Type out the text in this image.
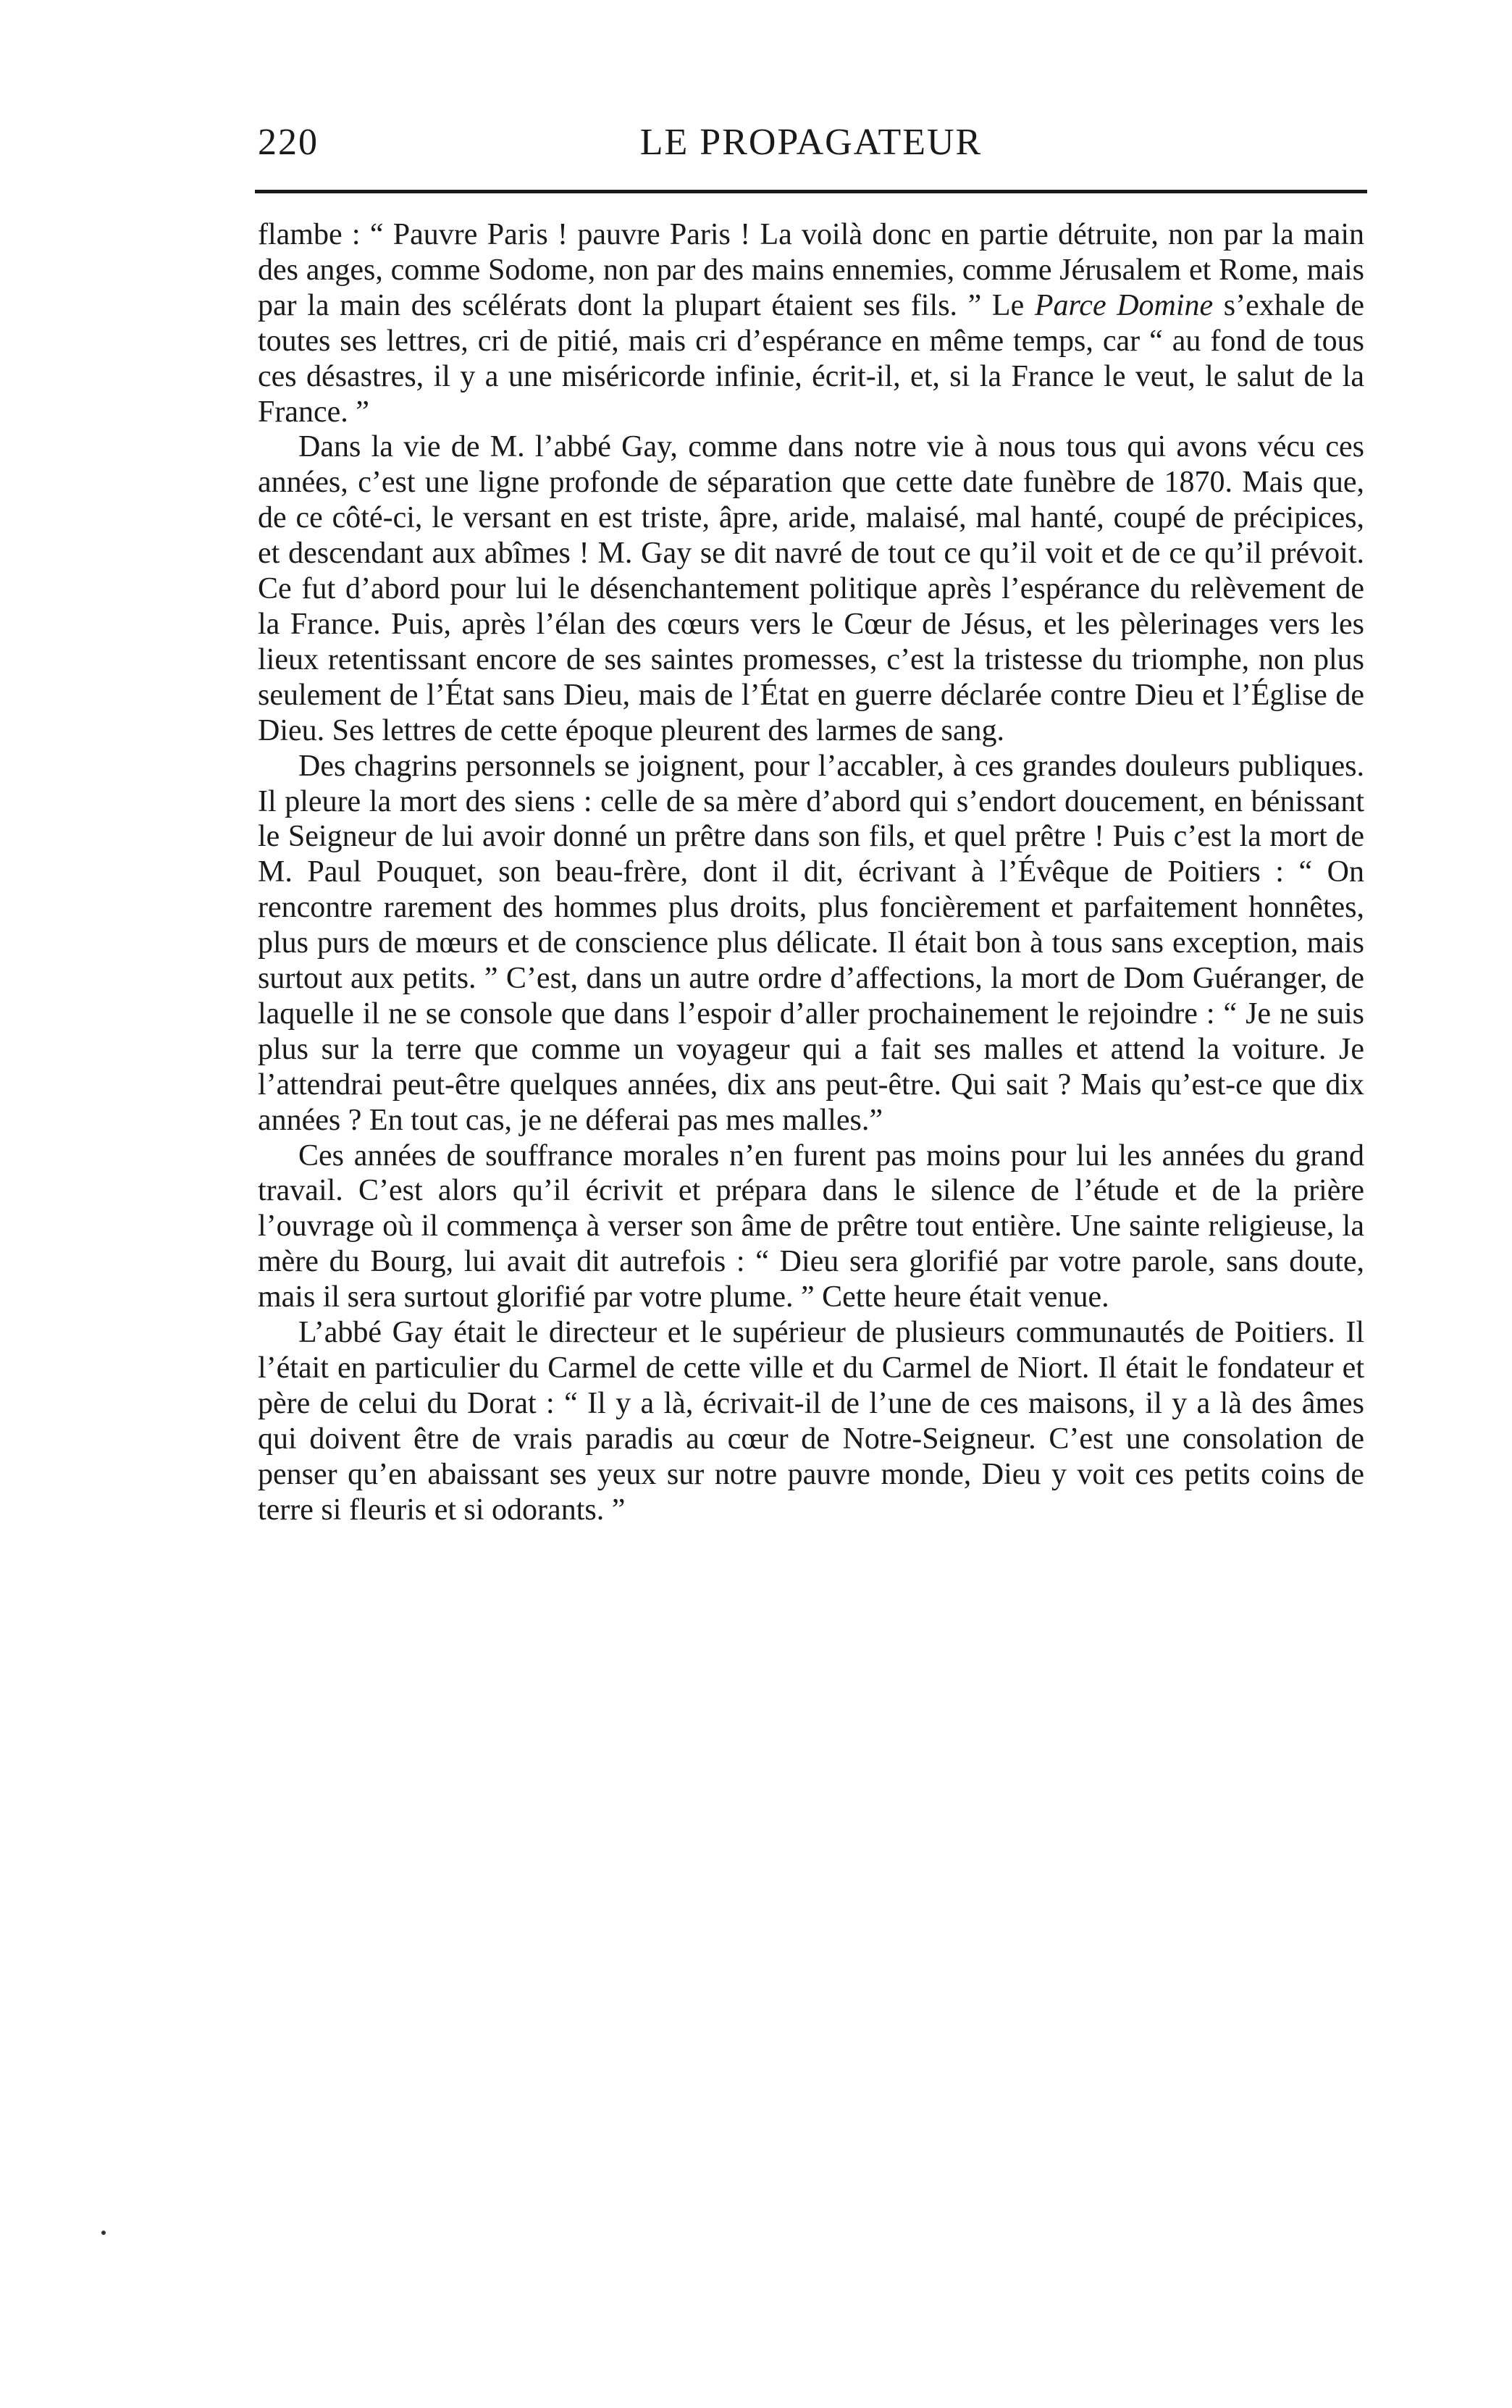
220	LE PROPAGATEUR

flambe : “ Pauvre Paris ! pauvre Paris ! La voilà donc en partie détruite, non par la main des anges, comme Sodome, non par des mains ennemies, comme Jérusalem et Rome, mais par la main des scélérats dont la plupart étaient ses fils. ” Le Parce Domine s’exhale de toutes ses lettres, cri de pitié, mais cri d’espérance en même temps, car “ au fond de tous ces désastres, il y a une miséricorde infinie, écrit-il, et, si la France le veut, le salut de la France. ”

Dans la vie de M. l’abbé Gay, comme dans notre vie à nous tous qui avons vécu ces années, c’est une ligne profonde de séparation que cette date funèbre de 1870. Mais que, de ce côté-ci, le versant en est triste, âpre, aride, malaisé, mal hanté, coupé de précipices, et descendant aux abîmes ! M. Gay se dit navré de tout ce qu’il voit et de ce qu’il prévoit. Ce fut d’abord pour lui le désenchantement politique après l’espérance du relèvement de la France. Puis, après l’élan des cœurs vers le Cœur de Jésus, et les pèlerinages vers les lieux retentissant encore de ses saintes promesses, c’est la tristesse du triomphe, non plus seulement de l’État sans Dieu, mais de l’État en guerre déclarée contre Dieu et l’Église de Dieu. Ses lettres de cette époque pleurent des larmes de sang.

Des chagrins personnels se joignent, pour l’accabler, à ces grandes douleurs publiques. Il pleure la mort des siens : celle de sa mère d’abord qui s’endort doucement, en bénissant le Seigneur de lui avoir donné un prêtre dans son fils, et quel prêtre ! Puis c’est la mort de M. Paul Pouquet, son beau-frère, dont il dit, écrivant à l’Évêque de Poitiers : “ On rencontre rarement des hommes plus droits, plus foncièrement et parfaitement honnêtes, plus purs de mœurs et de conscience plus délicate. Il était bon à tous sans exception, mais surtout aux petits. ” C’est, dans un autre ordre d’affections, la mort de Dom Guéranger, de laquelle il ne se console que dans l’espoir d’aller prochainement le rejoindre : “ Je ne suis plus sur la terre que comme un voyageur qui a fait ses malles et attend la voiture. Je l’attendrai peut-être quelques années, dix ans peut-être. Qui sait ? Mais qu’est-ce que dix années ? En tout cas, je ne déferai pas mes malles.”

Ces années de souffrance morales n’en furent pas moins pour lui les années du grand travail. C’est alors qu’il écrivit et prépara dans le silence de l’étude et de la prière l’ouvrage où il commença à verser son âme de prêtre tout entière. Une sainte religieuse, la mère du Bourg, lui avait dit autrefois : “ Dieu sera glorifié par votre parole, sans doute, mais il sera surtout glorifié par votre plume. ” Cette heure était venue.

L’abbé Gay était le directeur et le supérieur de plusieurs communautés de Poitiers. Il l’était en particulier du Carmel de cette ville et du Carmel de Niort. Il était le fondateur et père de celui du Dorat : “ Il y a là, écrivait-il de l’une de ces maisons, il y a là des âmes qui doivent être de vrais paradis au cœur de Notre-Seigneur. C’est une consolation de penser qu’en abaissant ses yeux sur notre pauvre monde, Dieu y voit ces petits coins de terre si fleuris et si odorants. ”
